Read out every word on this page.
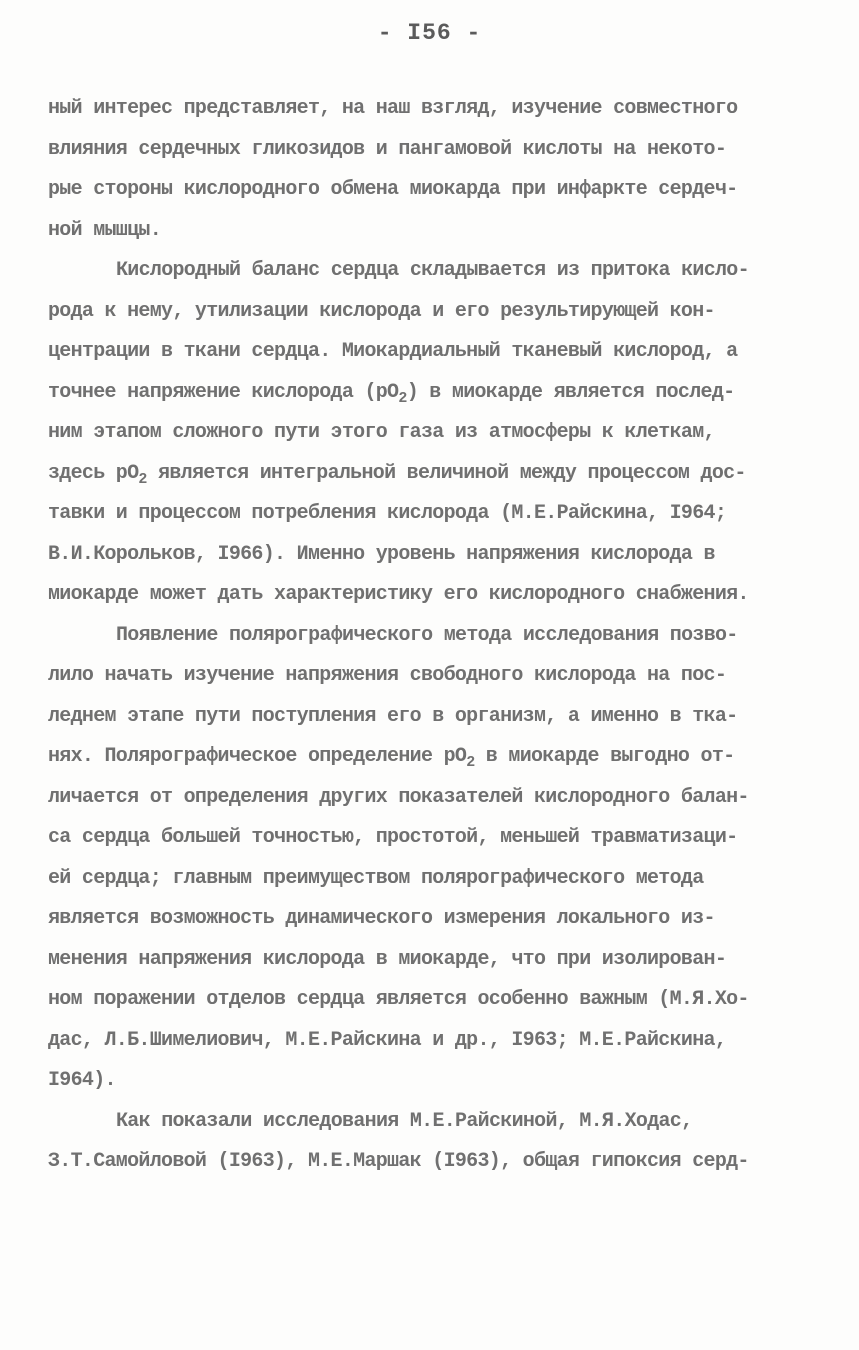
- I56 -
ный интерес представляет, на наш взгляд, изучение совместного
влияния сердечных гликозидов и пангамовой кислоты на некото-
рые стороны кислородного обмена миокарда при инфаркте сердеч-
ной мышцы.
Кислородный баланс сердца складывается из притока кисло-
рода к нему, утилизации кислорода и его результирующей кон-
центрации в ткани сердца. Миокардиальный тканевый кислород, а
точнее напряжение кислорода $(pO_2)$ в миокарде является послед-
ним этапом сложного пути этого газа из атмосферы к клеткам,
здесь $pO_2$ является интегральной величиной между процессом дос-
тавки и процессом потребления кислорода (М.Е.Райскина, I964;
В.И.Корольков, I966). Именно уровень напряжения кислорода в
миокарде может дать характеристику его кислородного снабжения.
Появление полярографического метода исследования позво-
лило начать изучение напряжения свободного кислорода на пос-
леднем этапе пути поступления его в организм, а именно в тка-
нях. Полярографическое определение $pO_2$ в миокарде выгодно от-
личается от определения других показателей кислородного балан-
са сердца большей точностью, простотой, меньшей травматизаци-
ей сердца; главным преимуществом полярографического метода
является возможность динамического измерения локального из-
менения напряжения кислорода в миокарде, что при изолирован-
ном поражении отделов сердца является особенно важным (М.Я.Хо-
дас, Л.Б.Шимелиович, М.Е.Райскина и др., I963; М.Е.Райскина,
I964).
Как показали исследования М.Е.Райскиной, М.Я.Ходас,
З.Т.Самойловой (I963), М.Е.Маршак (I963), общая гипоксия серд-
